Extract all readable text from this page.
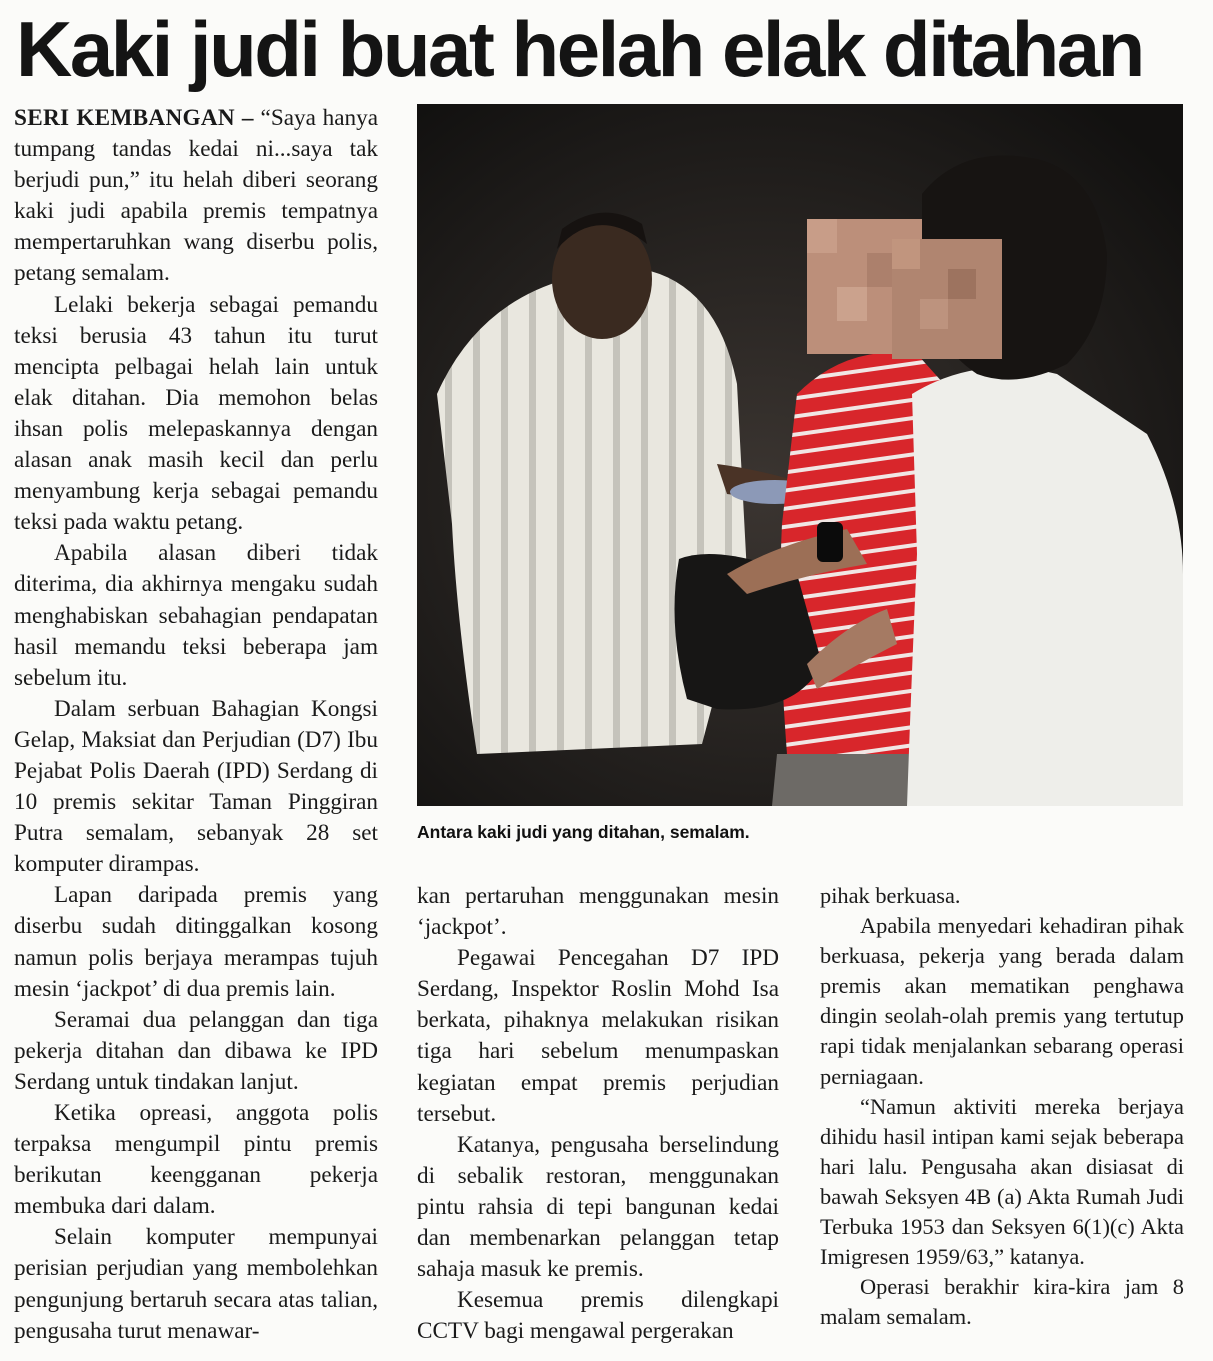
Kaki judi buat helah elak ditahan

SERI KEMBANGAN – “Saya hanya tumpang tandas kedai ni...saya tak berjudi pun,” itu helah diberi seorang kaki judi apabila premis tempatnya mempertaruhkan wang diserbu polis, petang semalam.

Lelaki bekerja sebagai pemandu teksi berusia 43 tahun itu turut mencipta pelbagai helah lain untuk elak ditahan. Dia memohon belas ihsan polis melepaskannya dengan alasan anak masih kecil dan perlu menyambung kerja sebagai pemandu teksi pada waktu petang.

Apabila alasan diberi tidak diterima, dia akhirnya mengaku sudah menghabiskan sebahagian pendapatan hasil memandu teksi beberapa jam sebelum itu.

Dalam serbuan Bahagian Kongsi Gelap, Maksiat dan Perjudian (D7) Ibu Pejabat Polis Daerah (IPD) Serdang di 10 premis sekitar Taman Pinggiran Putra semalam, sebanyak 28 set komputer dirampas.

Lapan daripada premis yang diserbu sudah ditinggalkan kosong namun polis berjaya merampas tujuh mesin ‘jackpot’ di dua premis lain.

Seramai dua pelanggan dan tiga pekerja ditahan dan dibawa ke IPD Serdang untuk tindakan lanjut.

Ketika opreasi, anggota polis terpaksa mengumpil pintu premis berikutan keengganan pekerja membuka dari dalam.

Selain komputer mempunyai perisian perjudian yang membolehkan pengunjung bertaruh secara atas talian, pengusaha turut menawar-

Antara kaki judi yang ditahan, semalam.

kan pertaruhan menggunakan mesin ‘jackpot’.

Pegawai Pencegahan D7 IPD Serdang, Inspektor Roslin Mohd Isa berkata, pihaknya melakukan risikan tiga hari sebelum menumpaskan kegiatan empat premis perjudian tersebut.

Katanya, pengusaha berselindung di sebalik restoran, menggunakan pintu rahsia di tepi bangunan kedai dan membenarkan pelanggan tetap sahaja masuk ke premis.

Kesemua premis dilengkapi CCTV bagi mengawal pergerakan

pihak berkuasa.

Apabila menyedari kehadiran pihak berkuasa, pekerja yang berada dalam premis akan mematikan penghawa dingin seolah-olah premis yang tertutup rapi tidak menjalankan sebarang operasi perniagaan.

“Namun aktiviti mereka berjaya dihidu hasil intipan kami sejak beberapa hari lalu. Pengusaha akan disiasat di bawah Seksyen 4B (a) Akta Rumah Judi Terbuka 1953 dan Seksyen 6(1)(c) Akta Imigresen 1959/63,” katanya.

Operasi berakhir kira-kira jam 8 malam semalam.
